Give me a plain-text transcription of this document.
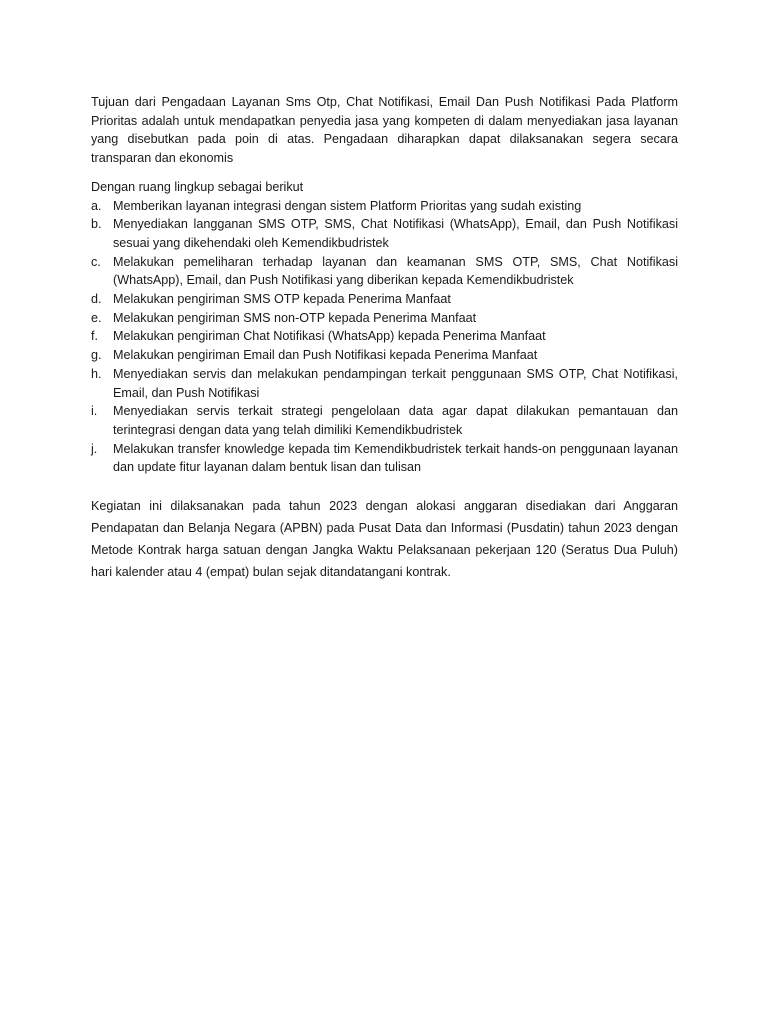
Tujuan dari Pengadaan Layanan Sms Otp, Chat Notifikasi, Email Dan Push Notifikasi Pada Platform Prioritas adalah untuk mendapatkan penyedia jasa yang kompeten di dalam menyediakan jasa layanan yang disebutkan pada poin di atas. Pengadaan diharapkan dapat dilaksanakan segera secara transparan dan ekonomis

Dengan ruang lingkup sebagai berikut

a. Memberikan layanan integrasi dengan sistem Platform Prioritas yang sudah existing
b. Menyediakan langganan SMS OTP, SMS, Chat Notifikasi (WhatsApp), Email, dan Push Notifikasi sesuai yang dikehendaki oleh Kemendikbudristek
c. Melakukan pemeliharan terhadap layanan dan keamanan SMS OTP, SMS, Chat Notifikasi (WhatsApp), Email, dan Push Notifikasi yang diberikan kepada Kemendikbudristek
d. Melakukan pengiriman SMS OTP kepada Penerima Manfaat
e. Melakukan pengiriman SMS non-OTP kepada Penerima Manfaat
f. Melakukan pengiriman Chat Notifikasi (WhatsApp) kepada Penerima Manfaat
g. Melakukan pengiriman Email dan Push Notifikasi kepada Penerima Manfaat
h. Menyediakan servis dan melakukan pendampingan terkait penggunaan SMS OTP, Chat Notifikasi, Email, dan Push Notifikasi
i. Menyediakan servis terkait strategi pengelolaan data agar dapat dilakukan pemantauan dan terintegrasi dengan data yang telah dimiliki Kemendikbudristek
j. Melakukan transfer knowledge kepada tim Kemendikbudristek terkait hands-on penggunaan layanan dan update fitur layanan dalam bentuk lisan dan tulisan

Kegiatan ini dilaksanakan pada tahun 2023 dengan alokasi anggaran disediakan dari Anggaran Pendapatan dan Belanja Negara (APBN) pada Pusat Data dan Informasi (Pusdatin) tahun 2023 dengan Metode Kontrak harga satuan dengan Jangka Waktu Pelaksanaan pekerjaan 120 (Seratus Dua Puluh) hari kalender atau 4 (empat) bulan sejak ditandatangani kontrak.
